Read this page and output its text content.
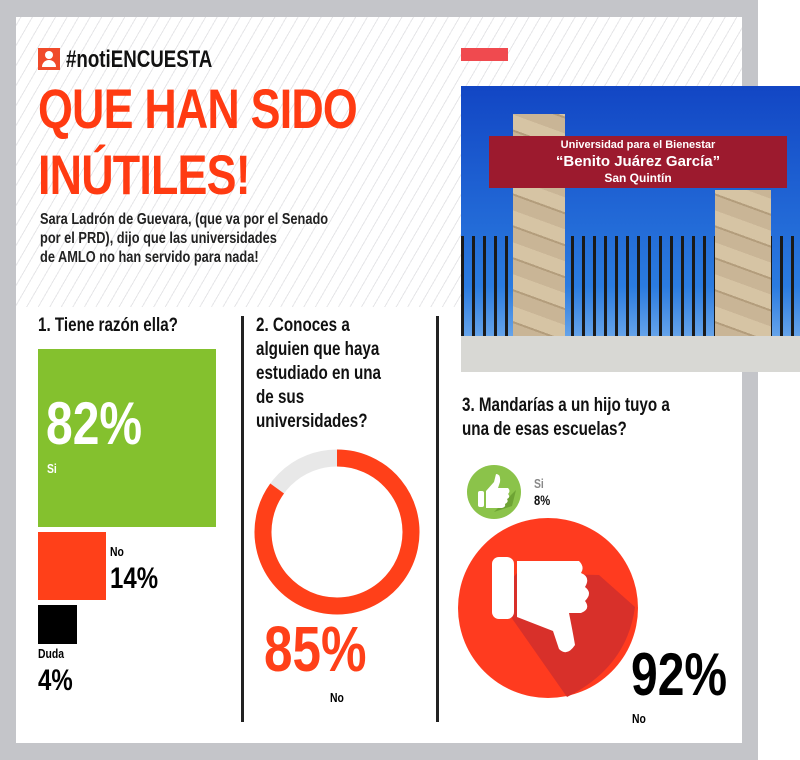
#notiENCUESTA
QUE HAN SIDO
INÚTILES!
Sara Ladrón de Guevara, (que va por el Senado
por el PRD), dijo que las universidades
de AMLO no han servido para nada!
Universidad para el Bienestar
“Benito Juárez García”
San Quintín
1. Tiene razón ella?	2. Conoces a
alguien que haya
estudiado en una
de sus
universidades?
85%
No
3. Mandarías a un hijo tuyo a
una de esas escuelas?
Si
8%
92%
No
82%
Si
No
14%
Duda
4%
